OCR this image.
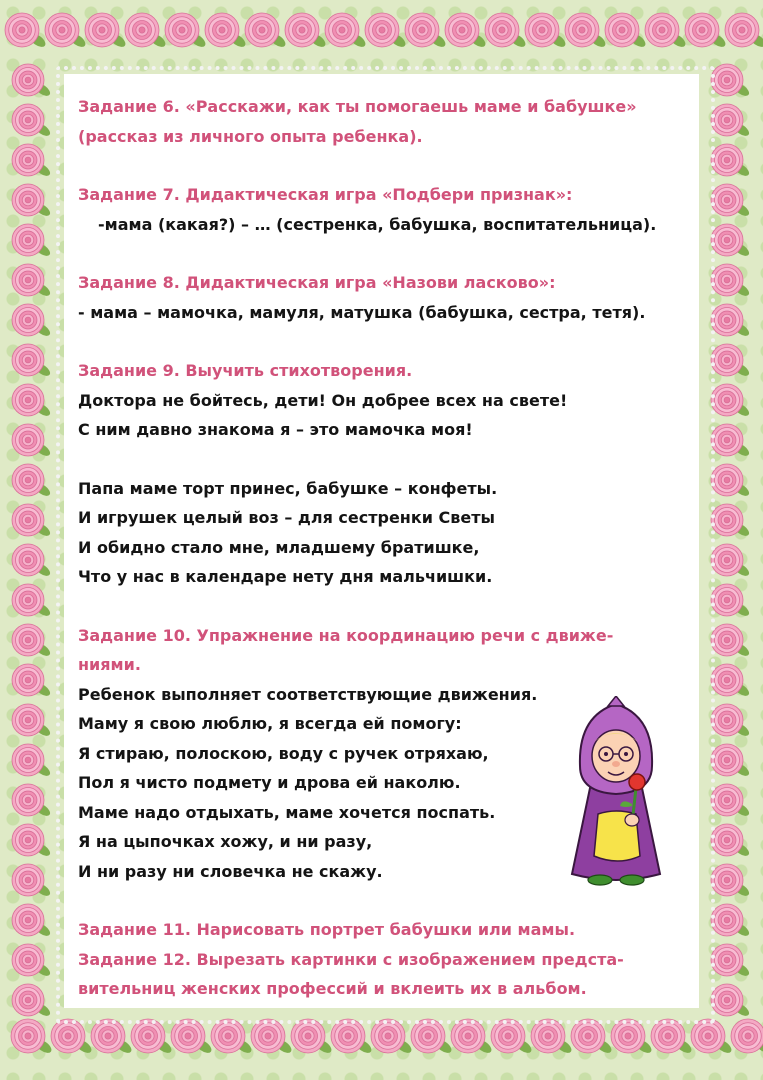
Задание 6. «Расскажи, как ты помогаешь маме и бабушке»
(рассказ из личного опыта ребенка).
Задание 7. Дидактическая игра «Подбери признак»:
-мама (какая?) – … (сестренка, бабушка, воспитательница).
Задание 8. Дидактическая игра «Назови ласково»:
- мама – мамочка, мамуля, матушка (бабушка, сестра, тетя).
Задание 9. Выучить стихотворения.
Доктора не бойтесь, дети! Он добрее всех на свете!
С ним давно знакома я – это мамочка моя!
Папа маме торт принес, бабушке – конфеты.
И игрушек целый воз – для сестренки Светы
И обидно стало мне, младшему братишке,
Что у нас в календаре нету дня мальчишки.
Задание 10. Упражнение на координацию речи с движе-
ниями.
Ребенок выполняет соответствующие движения.
Маму я свою люблю, я всегда ей помогу:
Я стираю, полоскою, воду с ручек отряхаю,
Пол я чисто подмету и дрова ей наколю.
Маме надо отдыхать, маме хочется поспать.
Я на цыпочках хожу, и ни разу,
И ни разу ни словечка не скажу.
Задание 11. Нарисовать портрет бабушки или мамы.
Задание 12. Вырезать картинки с изображением предста-
вительниц женских профессий и вклеить их в альбом.
